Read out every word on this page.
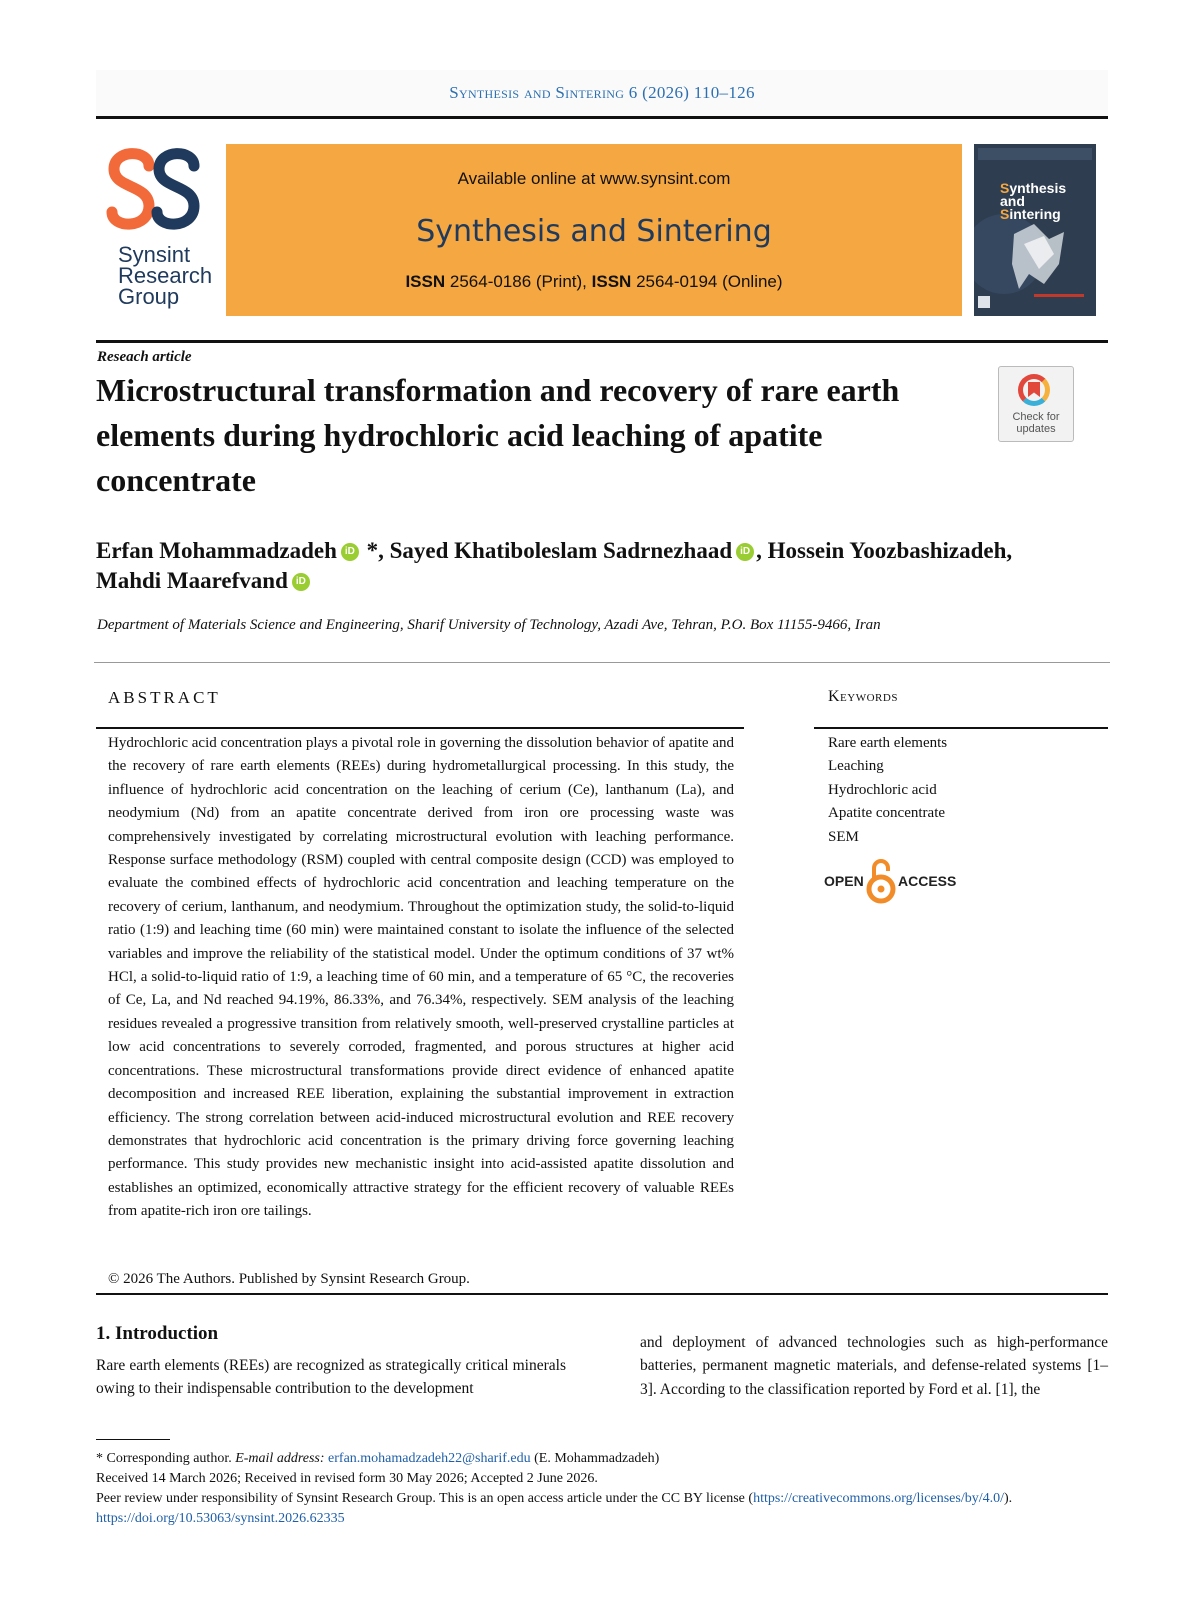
Synthesis and Sintering
6 (2026) 110–126
Synsint
Research
Group
Available online at www.synsint.com
Synthesis and Sintering
ISSN 2564-0186 (Print), ISSN 2564-0194 (Online)
Synthesis
and
Sintering
Reseach article
Microstructural transformation and recovery of rare earth elements during hydrochloric acid leaching of apatite concentrate
Check for
updates
Erfan Mohammadzadeh iD *, Sayed Khatiboleslam Sadrnezhaad iD , Hossein Yoozbashizadeh,
Mahdi Maarefvand iD
Department of Materials Science and Engineering, Sharif University of Technology, Azadi Ave, Tehran, P.O. Box 11155-9466, Iran
ABSTRACT	Keywords
Hydrochloric acid concentration plays a pivotal role in governing the dissolution behavior of apatite and the recovery of rare earth elements (REEs) during hydrometallurgical processing. In this study, the influence of hydrochloric acid concentration on the leaching of cerium (Ce), lanthanum (La), and neodymium (Nd) from an apatite concentrate derived from iron ore processing waste was comprehensively investigated by correlating microstructural evolution with leaching performance. Response surface methodology (RSM) coupled with central composite design (CCD) was employed to evaluate the combined effects of hydrochloric acid concentration and leaching temperature on the recovery of cerium, lanthanum, and neodymium. Throughout the optimization study, the solid-to-liquid ratio (1:9) and leaching time (60 min) were maintained constant to isolate the influence of the selected variables and improve the reliability of the statistical model. Under the optimum conditions of 37 wt% HCl, a solid-to-liquid ratio of 1:9, a leaching time of 60 min, and a temperature of 65 °C, the recoveries of Ce, La, and Nd reached 94.19%, 86.33%, and 76.34%, respectively. SEM analysis of the leaching residues revealed a progressive transition from relatively smooth, well-preserved crystalline particles at low acid concentrations to severely corroded, fragmented, and porous structures at higher acid concentrations. These microstructural transformations provide direct evidence of enhanced apatite decomposition and increased REE liberation, explaining the substantial improvement in extraction efficiency. The strong correlation between acid-induced microstructural evolution and REE recovery demonstrates that hydrochloric acid concentration is the primary driving force governing leaching performance. This study provides new mechanistic insight into acid-assisted apatite dissolution and establishes an optimized, economically attractive strategy for the efficient recovery of valuable REEs from apatite-rich iron ore tailings.
© 2026 The Authors. Published by Synsint Research Group.
Rare earth elements
Leaching
Hydrochloric acid
Apatite concentrate
SEM
OPEN ACCESS
1. Introduction
Rare earth elements (REEs) are recognized as strategically critical minerals owing to their indispensable contribution to the development
and deployment of advanced technologies such as high-performance batteries, permanent magnetic materials, and defense-related systems [1–3]. According to the classification reported by Ford et al. [1], the
* Corresponding author. E-mail address: erfan.mohamadzadeh22@sharif.edu (E. Mohammadzadeh)
Received 14 March 2026; Received in revised form 30 May 2026; Accepted 2 June 2026.
Peer review under responsibility of Synsint Research Group. This is an open access article under the CC BY license (https://creativecommons.org/licenses/by/4.0/).
https://doi.org/10.53063/synsint.2026.62335
